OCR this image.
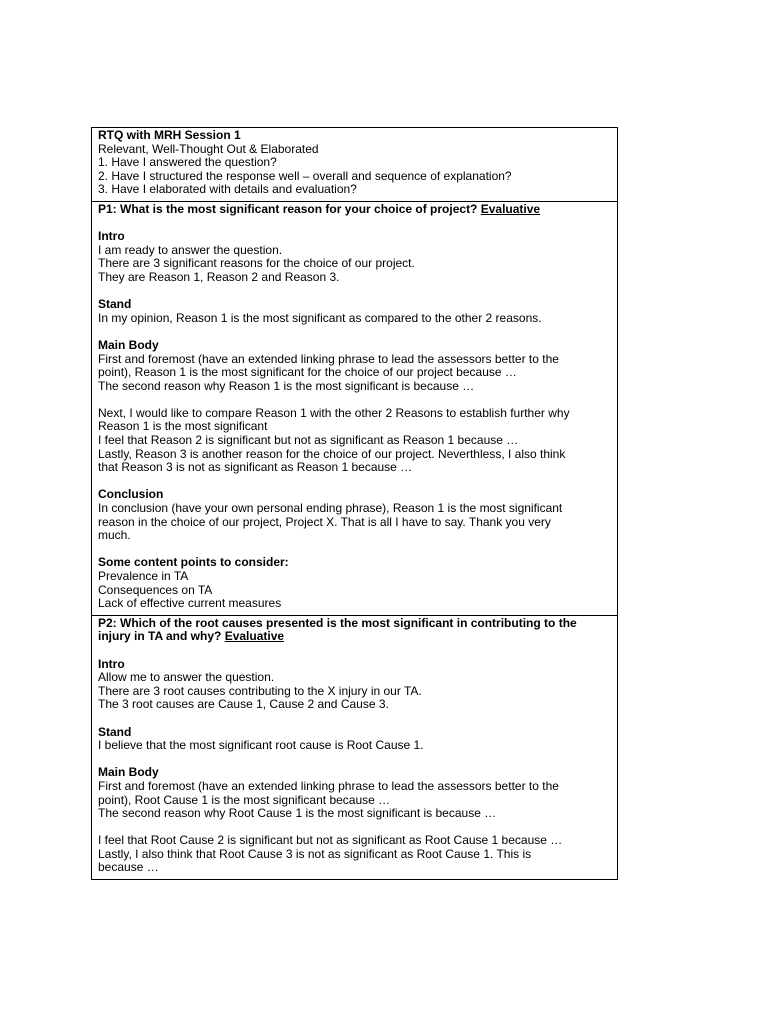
RTQ with MRH Session 1
Relevant, Well-Thought Out & Elaborated
1. Have I answered the question?
2. Have I structured the response well – overall and sequence of explanation?
3. Have I elaborated with details and evaluation?
P1: What is the most significant reason for your choice of project? Evaluative
Intro
I am ready to answer the question.
There are 3 significant reasons for the choice of our project.
They are Reason 1, Reason 2 and Reason 3.
Stand
In my opinion, Reason 1 is the most significant as compared to the other 2 reasons.
Main Body
First and foremost (have an extended linking phrase to lead the assessors better to the
point), Reason 1 is the most significant for the choice of our project because …
The second reason why Reason 1 is the most significant is because …
Next, I would like to compare Reason 1 with the other 2 Reasons to establish further why
Reason 1 is the most significant
I feel that Reason 2 is significant but not as significant as Reason 1 because …
Lastly, Reason 3 is another reason for the choice of our project. Neverthless, I also think
that Reason 3 is not as significant as Reason 1 because …
Conclusion
In conclusion (have your own personal ending phrase), Reason 1 is the most significant
reason in the choice of our project, Project X. That is all I have to say. Thank you very
much.
Some content points to consider:
Prevalence in TA
Consequences on TA
Lack of effective current measures
P2: Which of the root causes presented is the most significant in contributing to the
injury in TA and why? Evaluative
Intro
Allow me to answer the question.
There are 3 root causes contributing to the X injury in our TA.
The 3 root causes are Cause 1, Cause 2 and Cause 3.
Stand
I believe that the most significant root cause is Root Cause 1.
Main Body
First and foremost (have an extended linking phrase to lead the assessors better to the
point), Root Cause 1 is the most significant because …
The second reason why Root Cause 1 is the most significant is because …
I feel that Root Cause 2 is significant but not as significant as Root Cause 1 because …
Lastly, I also think that Root Cause 3 is not as significant as Root Cause 1. This is
because …
